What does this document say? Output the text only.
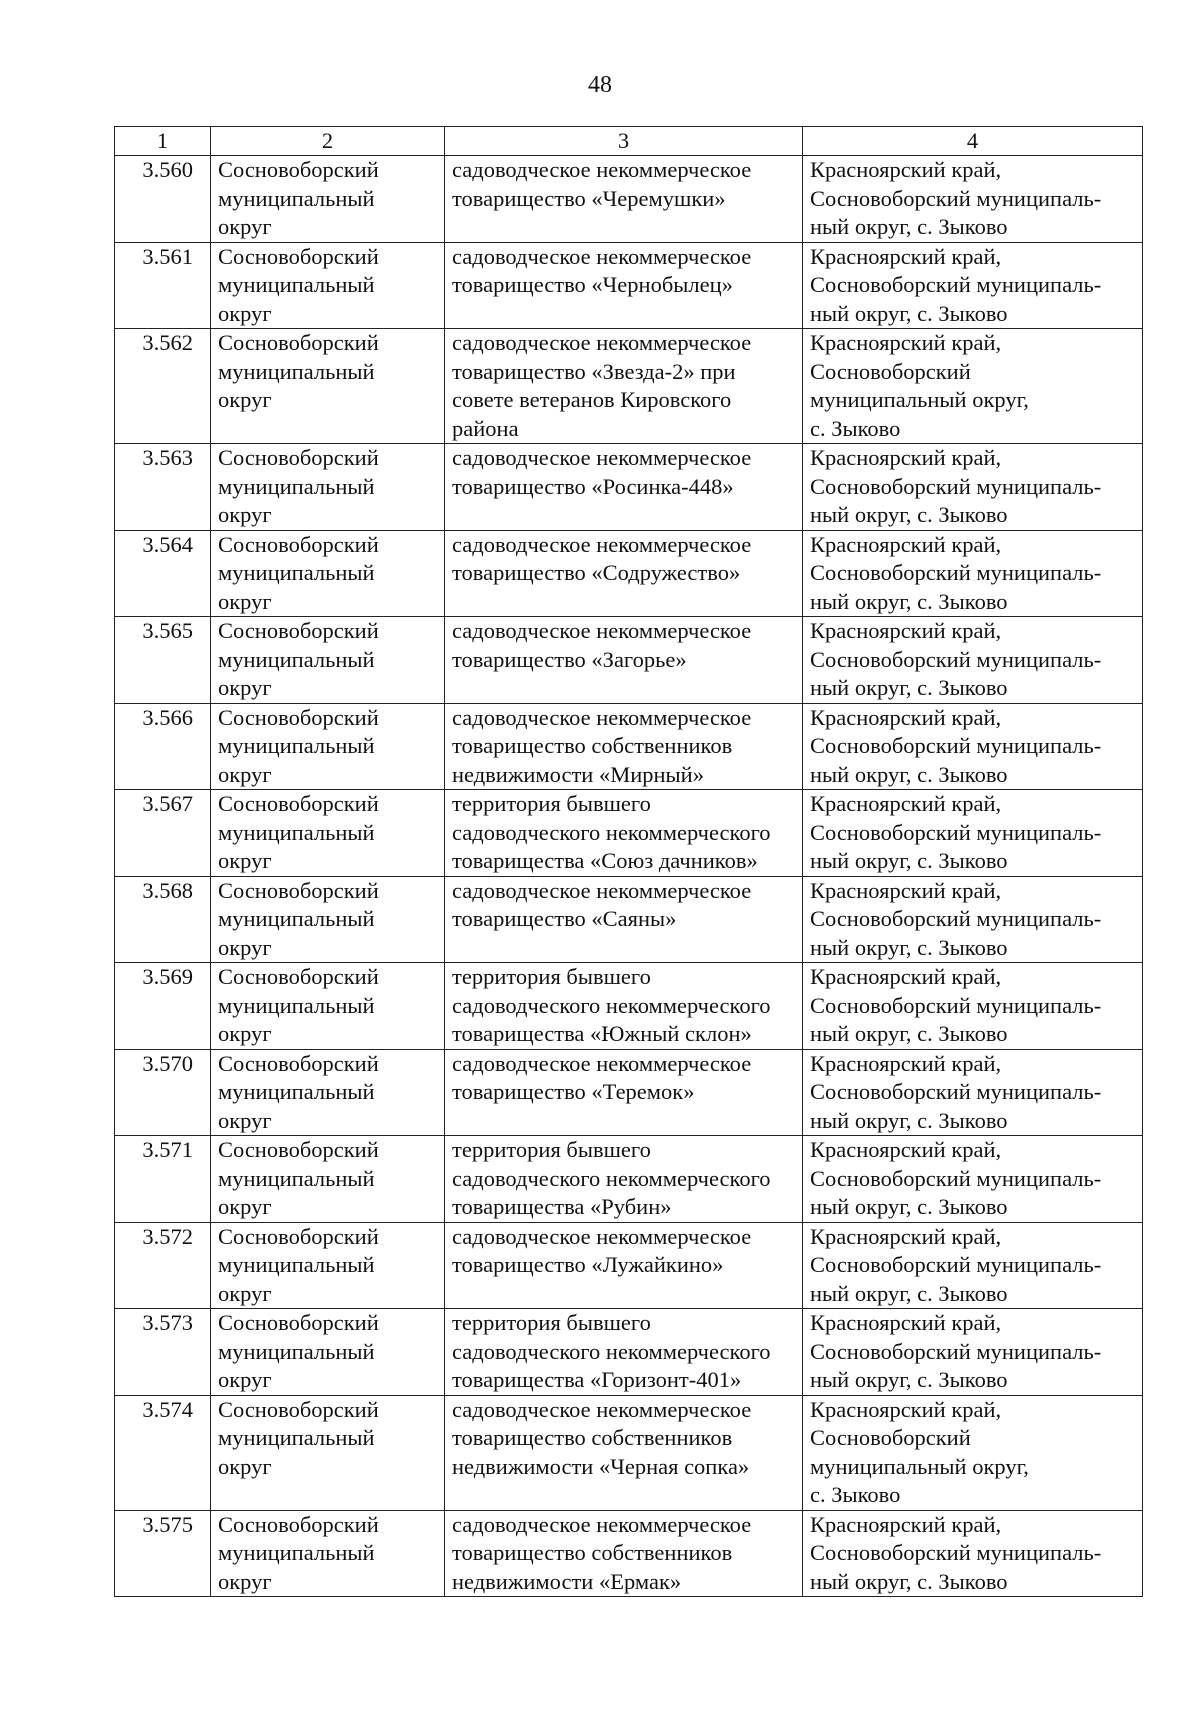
48
1	2	3	4
3.560	Сосновоборский
муниципальный
округ	садоводческое некоммерческое
товарищество «Черемушки»	Красноярский край,
Сосновоборский муниципаль-
ный округ, с. Зыково

3.561	Сосновоборский
муниципальный
округ	садоводческое некоммерческое
товарищество «Чернобылец»	Красноярский край,
Сосновоборский муниципаль-
ный округ, с. Зыково

3.562	Сосновоборский
муниципальный
округ	садоводческое некоммерческое
товарищество «Звезда-2» при
совете ветеранов Кировского
района	Красноярский край,
Сосновоборский
муниципальный округ,
с. Зыково

3.563	Сосновоборский
муниципальный
округ	садоводческое некоммерческое
товарищество «Росинка-448»	Красноярский край,
Сосновоборский муниципаль-
ный округ, с. Зыково

3.564	Сосновоборский
муниципальный
округ	садоводческое некоммерческое
товарищество «Содружество»	Красноярский край,
Сосновоборский муниципаль-
ный округ, с. Зыково

3.565	Сосновоборский
муниципальный
округ	садоводческое некоммерческое
товарищество «Загорье»	Красноярский край,
Сосновоборский муниципаль-
ный округ, с. Зыково

3.566	Сосновоборский
муниципальный
округ	садоводческое некоммерческое
товарищество собственников
недвижимости «Мирный»	Красноярский край,
Сосновоборский муниципаль-
ный округ, с. Зыково

3.567	Сосновоборский
муниципальный
округ	территория бывшего
садоводческого некоммерческого
товарищества «Союз дачников»	Красноярский край,
Сосновоборский муниципаль-
ный округ, с. Зыково

3.568	Сосновоборский
муниципальный
округ	садоводческое некоммерческое
товарищество «Саяны»	Красноярский край,
Сосновоборский муниципаль-
ный округ, с. Зыково

3.569	Сосновоборский
муниципальный
округ	территория бывшего
садоводческого некоммерческого
товарищества «Южный склон»	Красноярский край,
Сосновоборский муниципаль-
ный округ, с. Зыково

3.570	Сосновоборский
муниципальный
округ	садоводческое некоммерческое
товарищество «Теремок»	Красноярский край,
Сосновоборский муниципаль-
ный округ, с. Зыково

3.571	Сосновоборский
муниципальный
округ	территория бывшего
садоводческого некоммерческого
товарищества «Рубин»	Красноярский край,
Сосновоборский муниципаль-
ный округ, с. Зыково

3.572	Сосновоборский
муниципальный
округ	садоводческое некоммерческое
товарищество «Лужайкино»	Красноярский край,
Сосновоборский муниципаль-
ный округ, с. Зыково

3.573	Сосновоборский
муниципальный
округ	территория бывшего
садоводческого некоммерческого
товарищества «Горизонт-401»	Красноярский край,
Сосновоборский муниципаль-
ный округ, с. Зыково

3.574	Сосновоборский
муниципальный
округ	садоводческое некоммерческое
товарищество собственников
недвижимости «Черная сопка»	Красноярский край,
Сосновоборский
муниципальный округ,
с. Зыково

3.575	Сосновоборский
муниципальный
округ	садоводческое некоммерческое
товарищество собственников
недвижимости «Ермак»	Красноярский край,
Сосновоборский муниципаль-
ный округ, с. Зыково
